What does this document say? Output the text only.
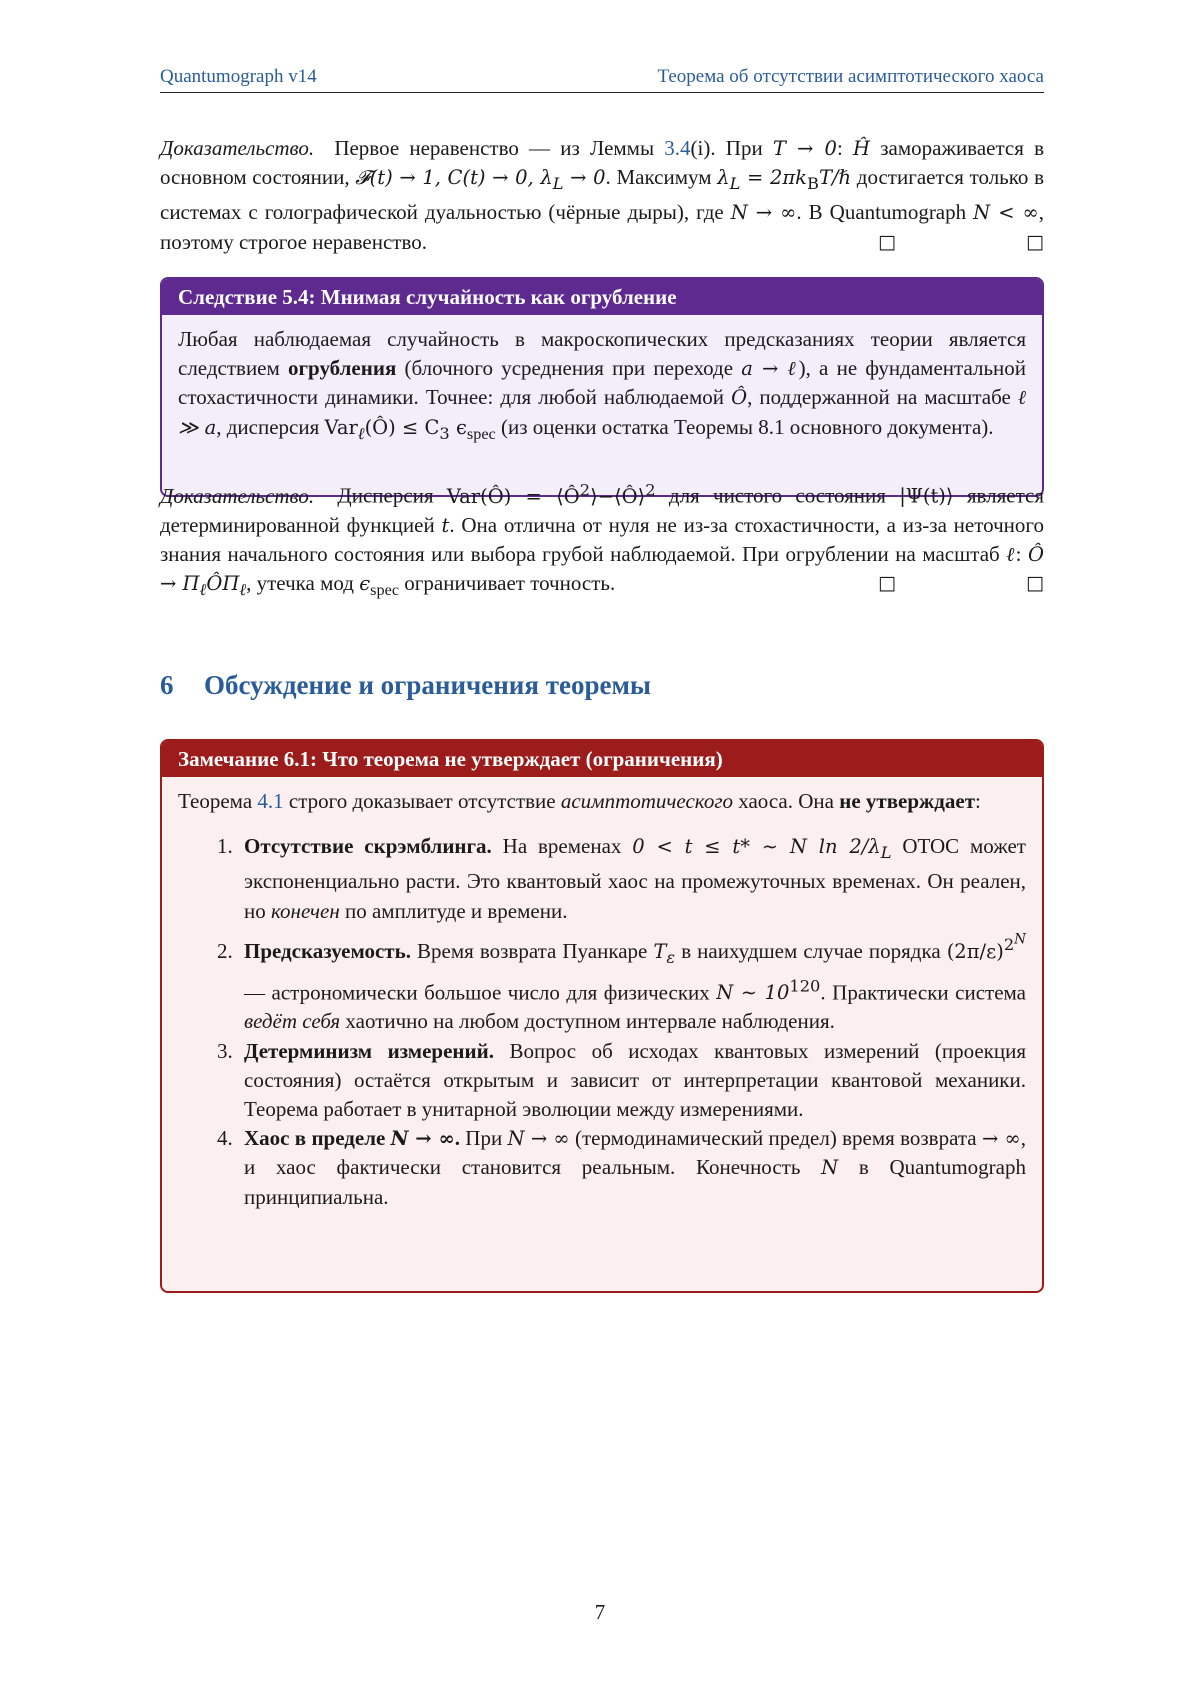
Quantumograph v14	Теорема об отсутствии асимптотического хаоса

Доказательство. Первое неравенство — из Леммы 3.4(i). При T → 0: Ĥ замораживается в основном состоянии, 𝓕(t) → 1, C(t) → 0, $\lambda_L \to 0$. Максимум $\lambda_L$ = $2\pi k_BT/\hbar$ достигается только в системах с голографической дуальностью (чёрные дыры), где N → ∞. В Quantumograph N < ∞, поэтому строгое неравенство.	□	□

Следствие 5.4: Мнимая случайность как огрубление
Любая наблюдаемая случайность в макроскопических предсказаниях теории является следствием огрубления (блочного усреднения при переходе a → ℓ), а не фундаментальной стохастичности динамики. Точнее: для любой наблюдаемой Ô, поддержанной на масштабе ℓ ≫ a, дисперсия Var$_\ell$(Ô) ≤ $C_3$ $\epsilon_{spec}$ (из оценки остатка Теоремы 8.1 основного документа).

Доказательство. Дисперсия Var(Ô) = $⟨Ô^2⟩-⟨Ô⟩^2$ для чистого состояния |Ψ(t)⟩ является детерминированной функцией t. Она отлична от нуля не из-за стохастичности, а из-за неточного знания начального состояния или выбора грубой наблюдаемой. При огрублении на масштаб ℓ: Ô → $\Pi_\ell Ô\Pi_\ell$, утечка мод $\epsilon_{spec}$ ограничивает точность.	□	□

6 Обсуждение и ограничения теоремы
Замечание 6.1: Что теорема не утверждает (ограничения)
Теорема 4.1 строго доказывает отсутствие асимптотического хаоса. Она не утверждает:
1. Отсутствие скрэмблинга. На временах 0 < t ≤ t* ∼ N $\ln 2/\lambda_L$ OTOC может экспоненциально расти. Это квантовый хаос на промежуточных временах. Он реален, но конечен по амплитуде и времени.
2. Предсказуемость. Время возврата Пуанкаре $T_\varepsilon$ в наихудшем случае порядка $(2\pi/\varepsilon)^{2^N}$ — астрономически большое число для физических N ∼ $10^{120}$. Практически система ведёт себя хаотично на любом доступном интервале наблюдения.
3. Детерминизм измерений. Вопрос об исходах квантовых измерений (проекция состояния) остаётся открытым и зависит от интерпретации квантовой механики. Теорема работает в унитарной эволюции между измерениями.
4. Хаос в пределе N → ∞. При N → ∞ (термодинамический предел) время возврата → ∞, и хаос фактически становится реальным. Конечность N в Quantumograph принципиальна.
7
